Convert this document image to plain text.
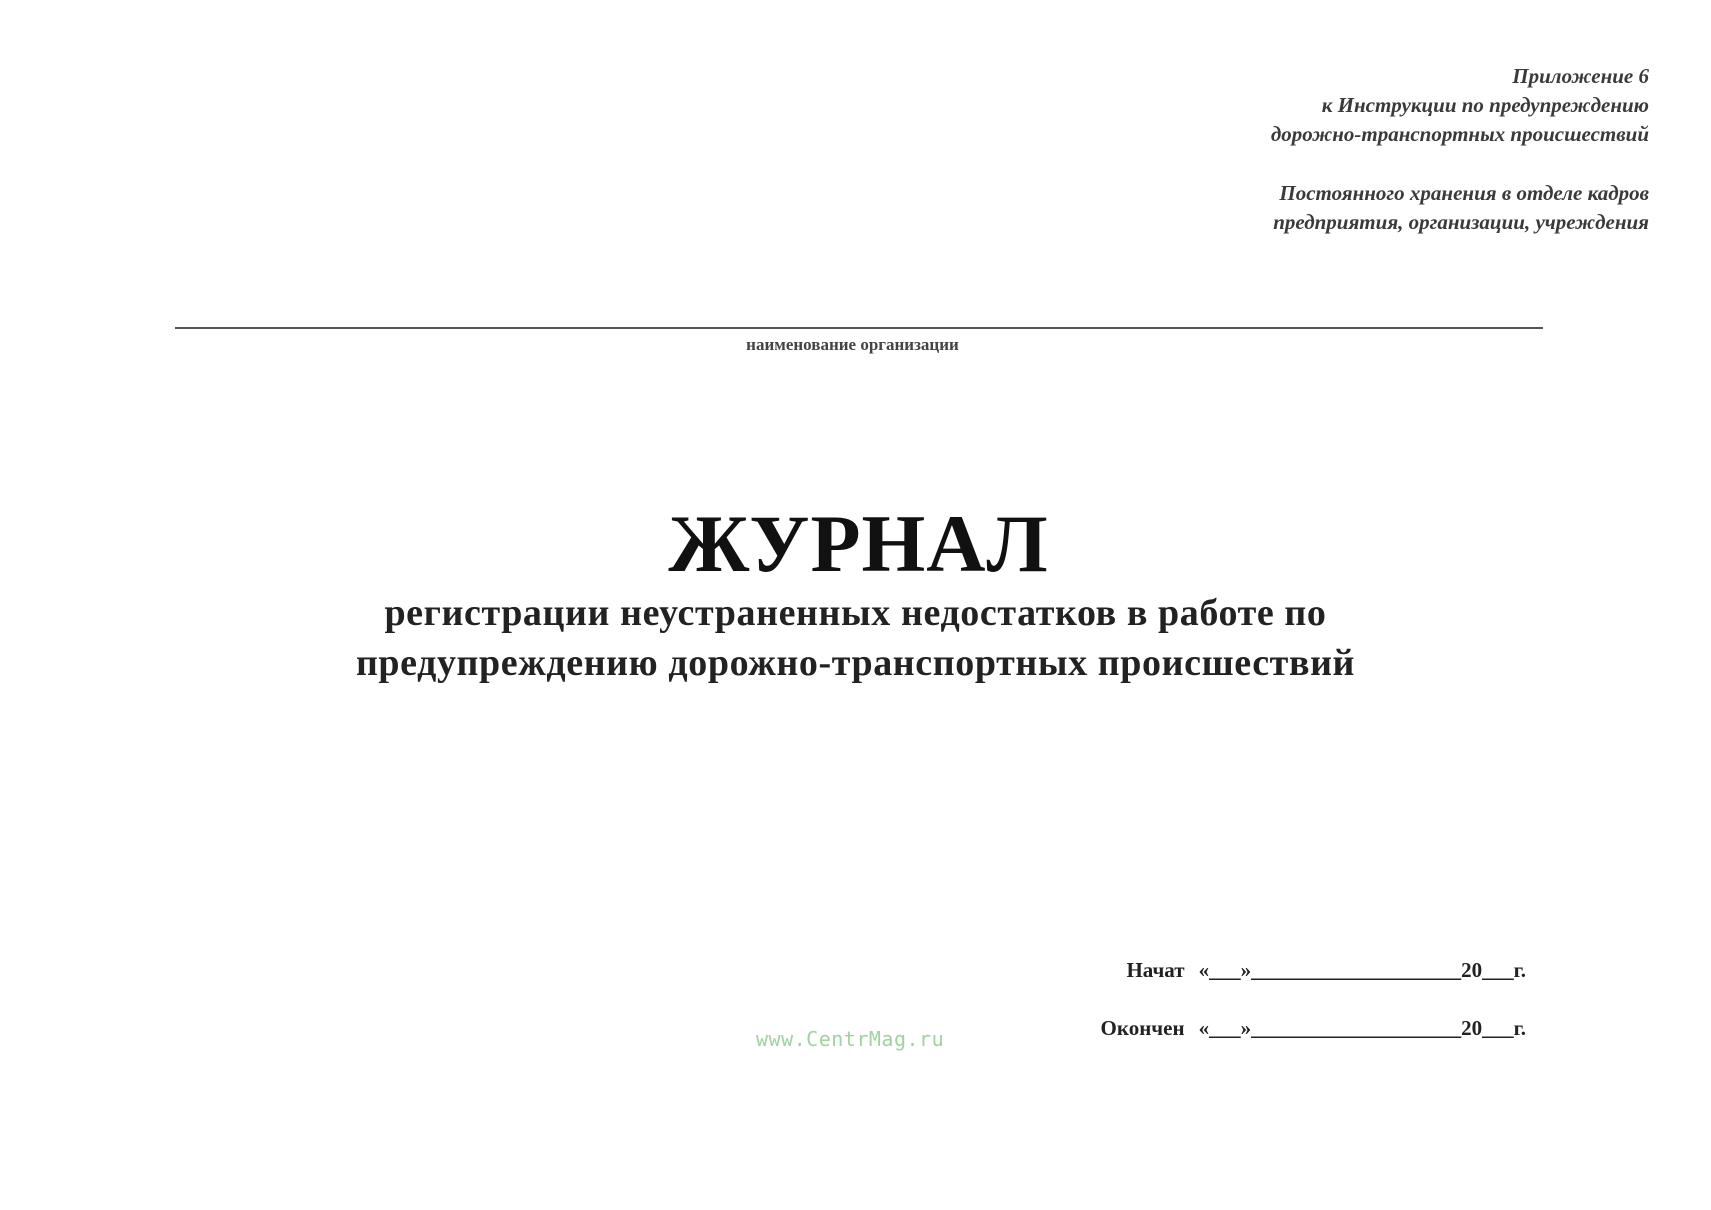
Приложение 6
к Инструкции по предупреждению
дорожно-транспортных происшествий
Постоянного хранения в отделе кадров
предприятия, организации, учреждения
наименование организации
ЖУРНАЛ
регистрации неустраненных недостатков в работе по
предупреждению дорожно-транспортных происшествий
Начат «___»____________________20___г.
Окончен «___»____________________20___г.
www.CentrMag.ru
